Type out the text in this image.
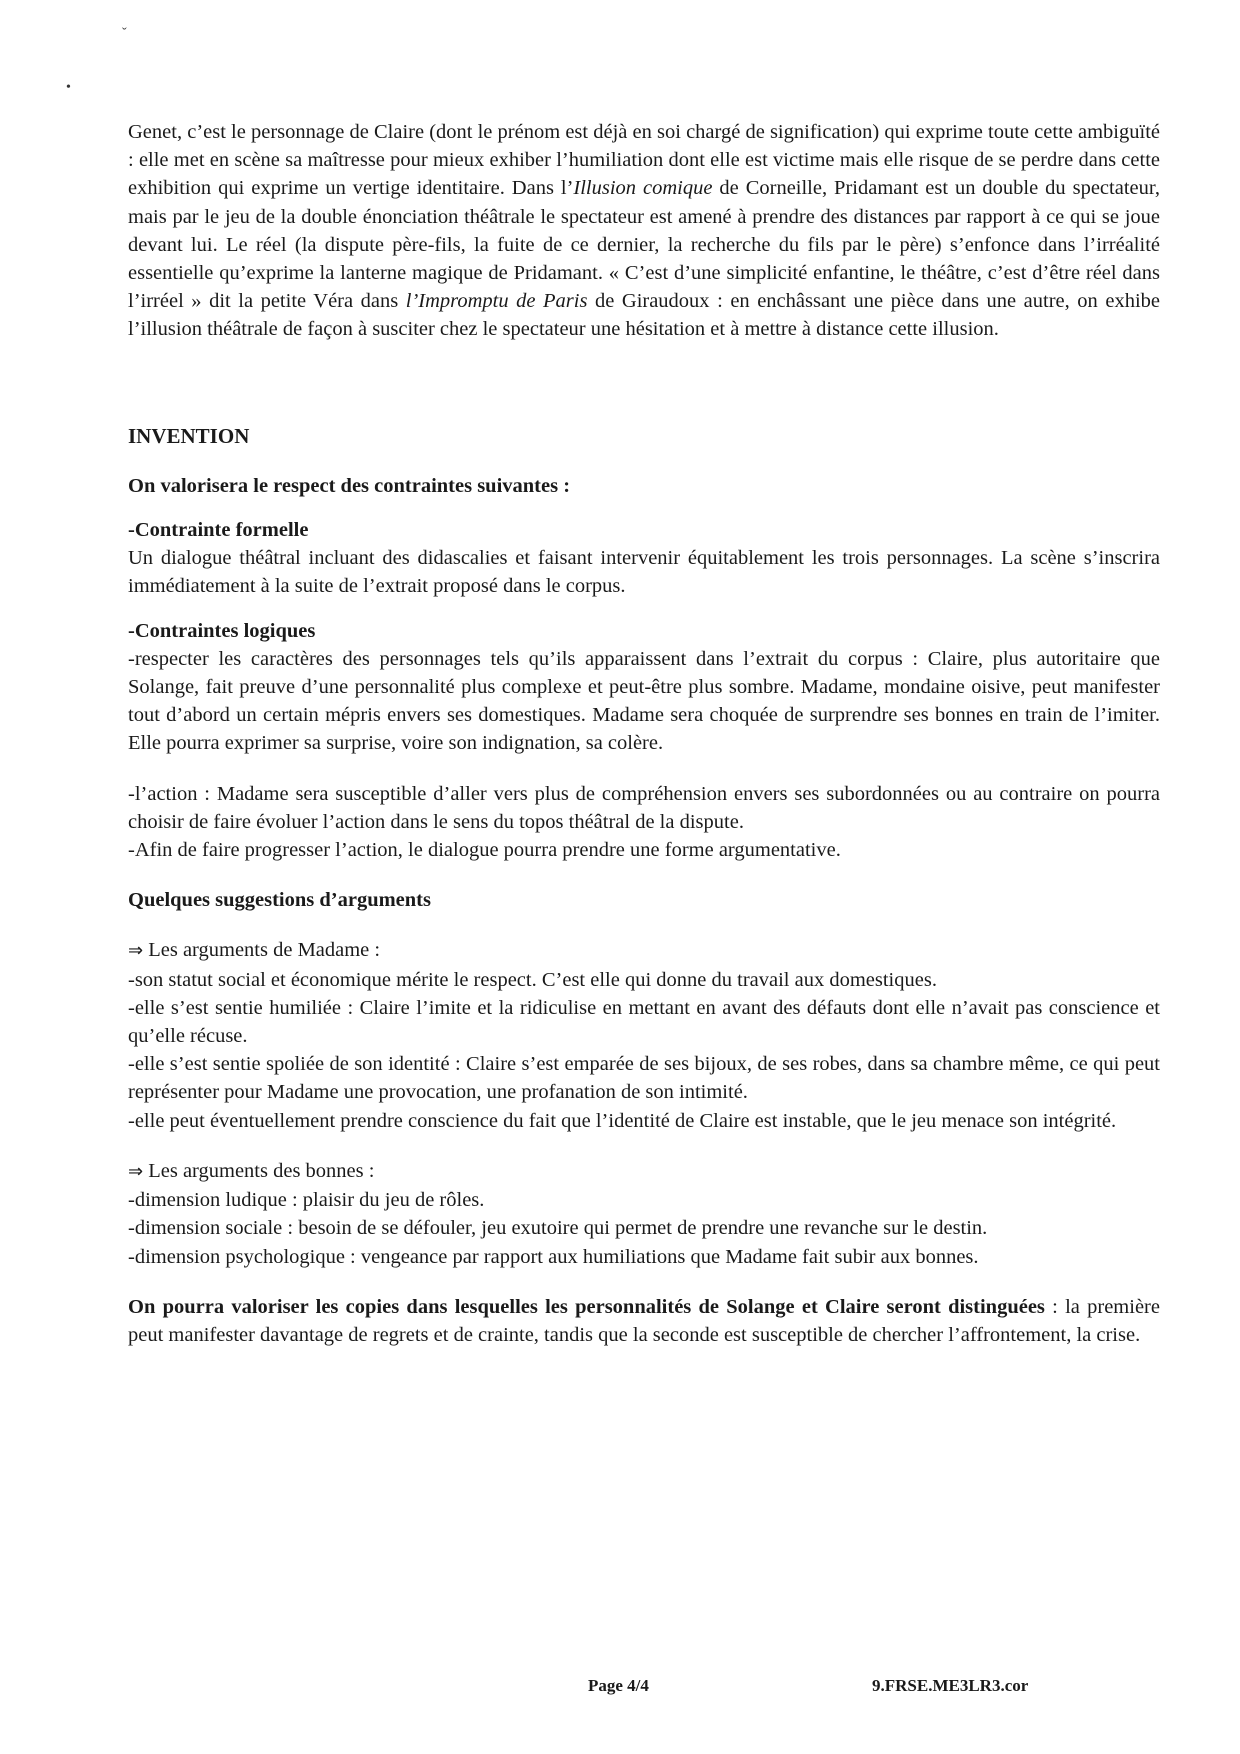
ˇ
•

Genet, c’est le personnage de Claire (dont le prénom est déjà en soi chargé de signification) qui exprime toute cette ambiguïté : elle met en scène sa maîtresse pour mieux exhiber l’humiliation dont elle est victime mais elle risque de se perdre dans cette exhibition qui exprime un vertige identitaire. Dans l’Illusion comique de Corneille, Pridamant est un double du spectateur, mais par le jeu de la double énonciation théâtrale le spectateur est amené à prendre des distances par rapport à ce qui se joue devant lui. Le réel (la dispute père-fils, la fuite de ce dernier, la recherche du fils par le père) s’enfonce dans l’irréalité essentielle qu’exprime la lanterne magique de Pridamant. « C’est d’une simplicité enfantine, le théâtre, c’est d’être réel dans l’irréel » dit la petite Véra dans l’Impromptu de Paris de Giraudoux : en enchâssant une pièce dans une autre, on exhibe l’illusion théâtrale de façon à susciter chez le spectateur une hésitation et à mettre à distance cette illusion.

INVENTION

On valorisera le respect des contraintes suivantes :

-Contrainte formelle

Un dialogue théâtral incluant des didascalies et faisant intervenir équitablement les trois personnages. La scène s’inscrira immédiatement à la suite de l’extrait proposé dans le corpus.

-Contraintes logiques

-respecter les caractères des personnages tels qu’ils apparaissent dans l’extrait du corpus : Claire, plus autoritaire que Solange, fait preuve d’une personnalité plus complexe et peut-être plus sombre. Madame, mondaine oisive, peut manifester tout d’abord un certain mépris envers ses domestiques. Madame sera choquée de surprendre ses bonnes en train de l’imiter. Elle pourra exprimer sa surprise, voire son indignation, sa colère.

-l’action : Madame sera susceptible d’aller vers plus de compréhension envers ses subordonnées ou au contraire on pourra choisir de faire évoluer l’action dans le sens du topos théâtral de la dispute.

-Afin de faire progresser l’action, le dialogue pourra prendre une forme argumentative.

Quelques suggestions d’arguments

⇒ Les arguments de Madame :

-son statut social et économique mérite le respect. C’est elle qui donne du travail aux domestiques.

-elle s’est sentie humiliée : Claire l’imite et la ridiculise en mettant en avant des défauts dont elle n’avait pas conscience et qu’elle récuse.

-elle s’est sentie spoliée de son identité : Claire s’est emparée de ses bijoux, de ses robes, dans sa chambre même, ce qui peut représenter pour Madame une provocation, une profanation de son intimité.

-elle peut éventuellement prendre conscience du fait que l’identité de Claire est instable, que le jeu menace son intégrité.

⇒ Les arguments des bonnes :

-dimension ludique : plaisir du jeu de rôles.

-dimension sociale : besoin de se défouler, jeu exutoire qui permet de prendre une revanche sur le destin.

-dimension psychologique : vengeance par rapport aux humiliations que Madame fait subir aux bonnes.

On pourra valoriser les copies dans lesquelles les personnalités de Solange et Claire seront distinguées : la première peut manifester davantage de regrets et de crainte, tandis que la seconde est susceptible de chercher l’affrontement, la crise.

Page 4/4	9.FRSE.ME3LR3.cor
